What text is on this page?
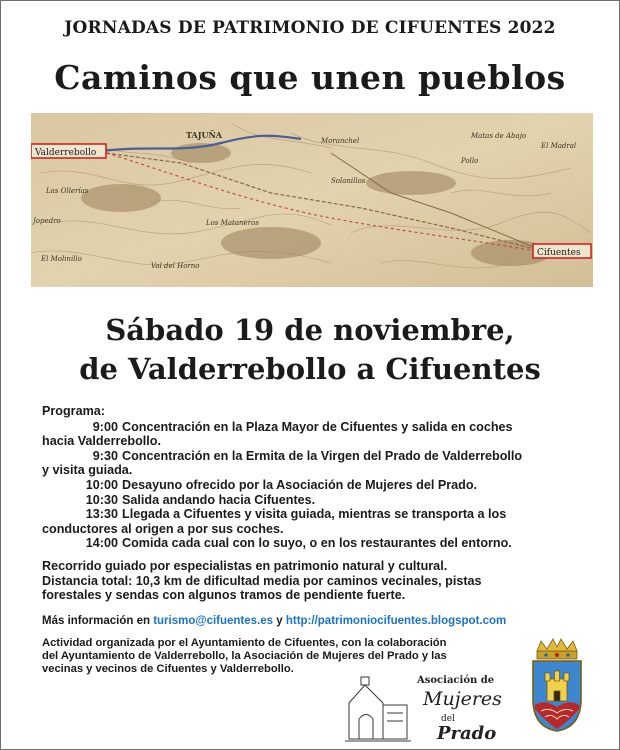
JORNADAS DE PATRIMONIO DE CIFUENTES 2022
Caminos que unen pueblos
TAJUÑA
Moranchel
Solanillos
El Madral
Pollo
Los Mataneros
Jopedro
El Molinillo
Las Ollerías
Val del Horno
Matas de Abajo
Valderrebollo
Cifuentes
Sábado 19 de noviembre,
de Valderrebollo a Cifuentes
Programa:
9:00 Concentración en la Plaza Mayor de Cifuentes y salida en coches
hacia Valderrebollo.
9:30 Concentración en la Ermita de la Virgen del Prado de Valderrebollo
y visita guiada.
10:00 Desayuno ofrecido por la Asociación de Mujeres del Prado.
10:30 Salida andando hacia Cifuentes.
13:30 Llegada a Cifuentes y visita guiada, mientras se transporta a los
conductores al origen a por sus coches.
14:00 Comida cada cual con lo suyo, o en los restaurantes del entorno.
Recorrido guiado por especialistas en patrimonio natural y cultural.
Distancia total: 10,3 km de dificultad media por caminos vecinales, pistas
forestales y sendas con algunos tramos de pendiente fuerte.
Más información en turismo@cifuentes.es y http://patrimoniocifuentes.blogspot.com
Actividad organizada por el Ayuntamiento de Cifuentes, con la colaboración
del Ayuntamiento de Valderrebollo, la Asociación de Mujeres del Prado y las
vecinas y vecinos de Cifuentes y Valderrebollo.
Asociación de
Mujeres
del
Prado
